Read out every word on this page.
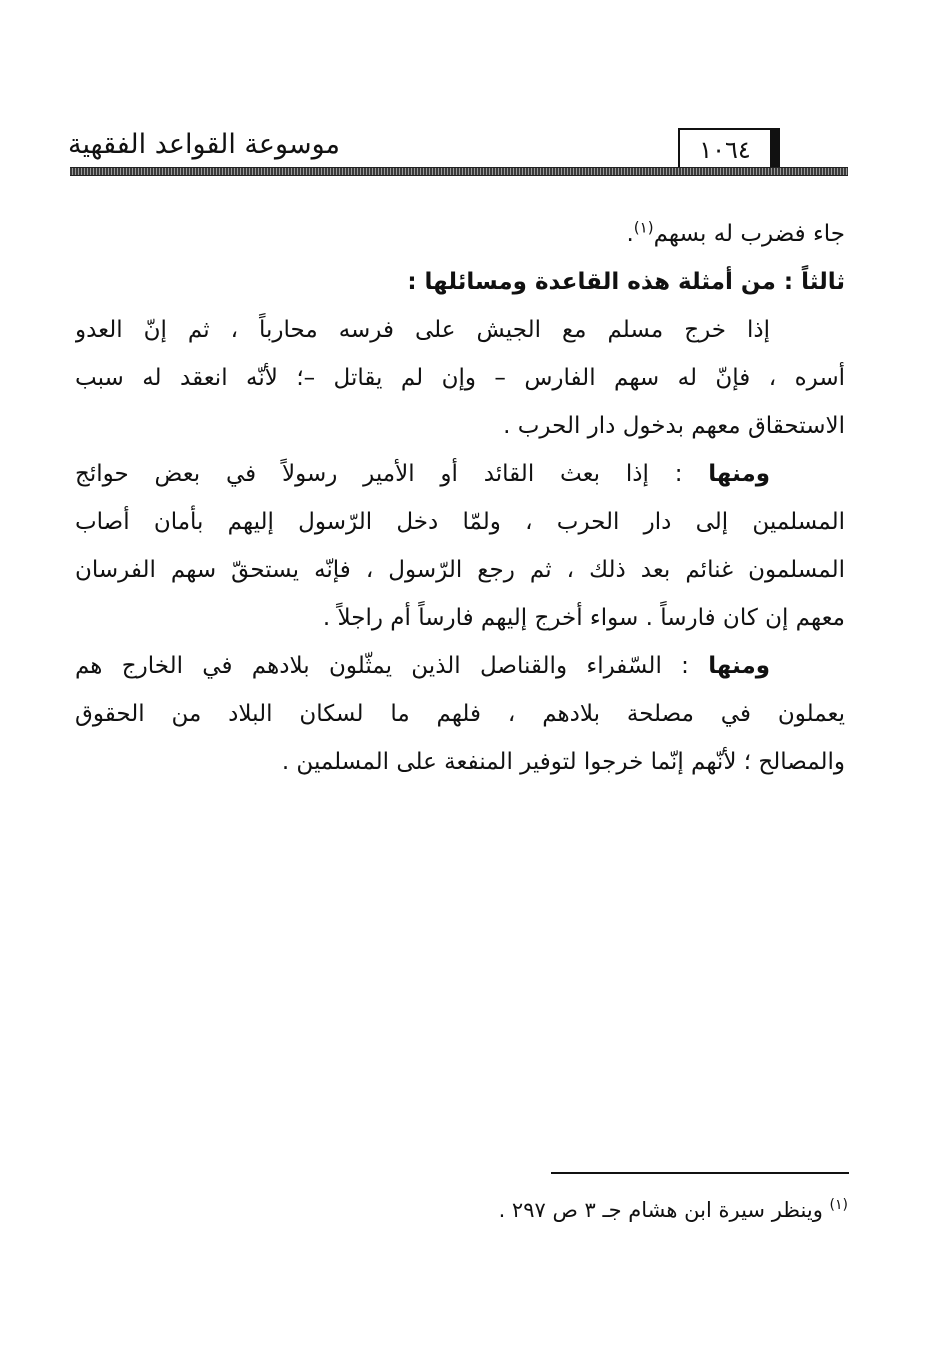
موسوعة القواعد الفقهية	١٠٦٤
جاء فضرب له بسهم$^{(١)}$.
ثالثاً : من أمثلة هذه القاعدة ومسائلها :
إذا خرج مسلم مع الجيش على فرسه محارباً ، ثم إنّ العدو
أسره ، فإنّ له سهم الفارس – وإن لم يقاتل –؛ لأنّه انعقد له سبب
الاستحقاق معهم بدخول دار الحرب .
ومنها : إذا بعث القائد أو الأمير رسولاً في بعض حوائج
المسلمين إلى دار الحرب ، ولمّا دخل الرّسول إليهم بأمان أصاب
المسلمون غنائم بعد ذلك ، ثم رجع الرّسول ، فإنّه يستحقّ سهم الفرسان
معهم إن كان فارساً . سواء أخرج إليهم فارساً أم راجلاً .
ومنها : السّفراء والقناصل الذين يمثّلون بلادهم في الخارج هم
يعملون في مصلحة بلادهم ، فلهم ما لسكان البلاد من الحقوق
والمصالح ؛ لأنّهم إنّما خرجوا لتوفير المنفعة على المسلمين .
$^{(١)}$ وينظر سيرة ابن هشام جـ ٣ ص ٢٩٧ .
